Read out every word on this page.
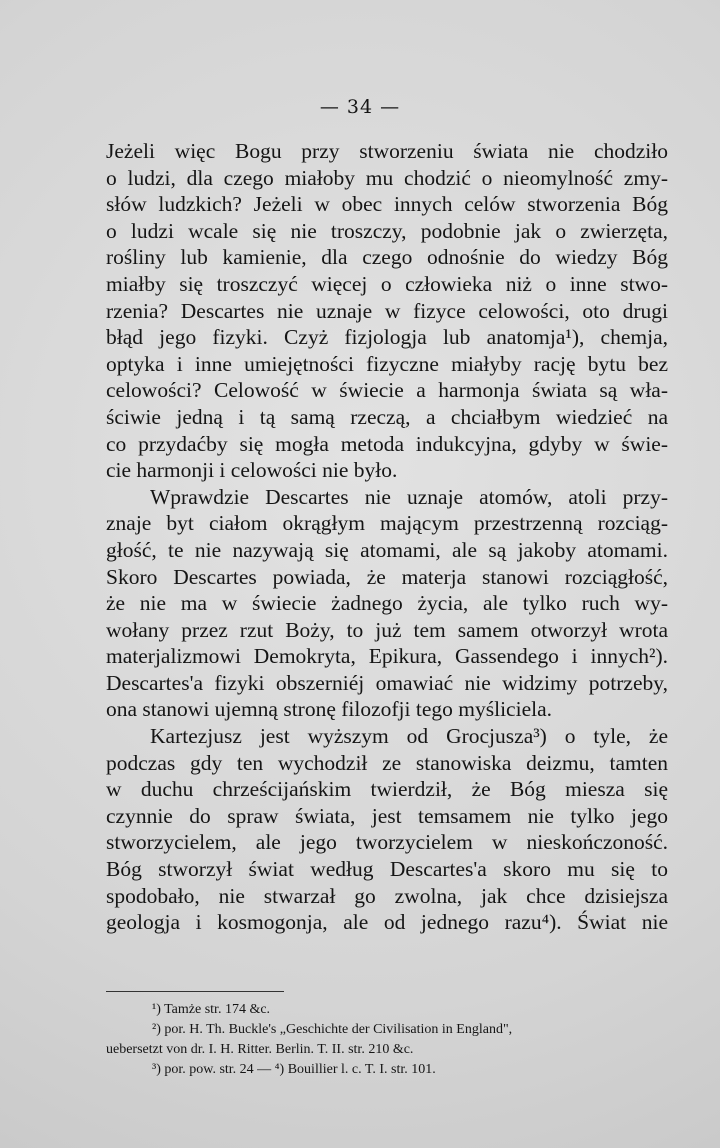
— 34 —
Jeżeli więc Bogu przy stworzeniu świata nie chodziło
o ludzi, dla czego miałoby mu chodzić o nieomylność zmy-
słów ludzkich? Jeżeli w obec innych celów stworzenia Bóg
o ludzi wcale się nie troszczy, podobnie jak o zwierzęta,
rośliny lub kamienie, dla czego odnośnie do wiedzy Bóg
miałby się troszczyć więcej o człowieka niż o inne stwo-
rzenia? Descartes nie uznaje w fizyce celowości, oto drugi
błąd jego fizyki. Czyż fizjologja lub anatomja¹), chemja,
optyka i inne umiejętności fizyczne miałyby rację bytu bez
celowości? Celowość w świecie a harmonja świata są wła-
ściwie jedną i tą samą rzeczą, a chciałbym wiedzieć na
co przydaćby się mogła metoda indukcyjna, gdyby w świe-
cie harmonji i celowości nie było.
Wprawdzie Descartes nie uznaje atomów, atoli przy-
znaje byt ciałom okrągłym mającym przestrzenną rozciąg-
głość, te nie nazywają się atomami, ale są jakoby atomami.
Skoro Descartes powiada, że materja stanowi rozciągłość,
że nie ma w świecie żadnego życia, ale tylko ruch wy-
wołany przez rzut Boży, to już tem samem otworzył wrota
materjalizmowi Demokryta, Epikura, Gassendego i innych²).
Descartes'a fizyki obszerniéj omawiać nie widzimy potrzeby,
ona stanowi ujemną stronę filozofji tego myśliciela.
Kartezjusz jest wyższym od Grocjusza³) o tyle, że
podczas gdy ten wychodził ze stanowiska deizmu, tamten
w duchu chrześcijańskim twierdził, że Bóg miesza się
czynnie do spraw świata, jest temsamem nie tylko jego
stworzycielem, ale jego tworzycielem w nieskończoność.
Bóg stworzył świat według Descartes'a skoro mu się to
spodobało, nie stwarzał go zwolna, jak chce dzisiejsza
geologja i kosmogonja, ale od jednego razu⁴). Świat nie
¹) Tamże str. 174 &c.
²) por. H. Th. Buckle's „Geschichte der Civilisation in England",
uebersetzt von dr. I. H. Ritter. Berlin. T. II. str. 210 &c.
³) por. pow. str. 24 — ⁴) Bouillier l. c. T. I. str. 101.
